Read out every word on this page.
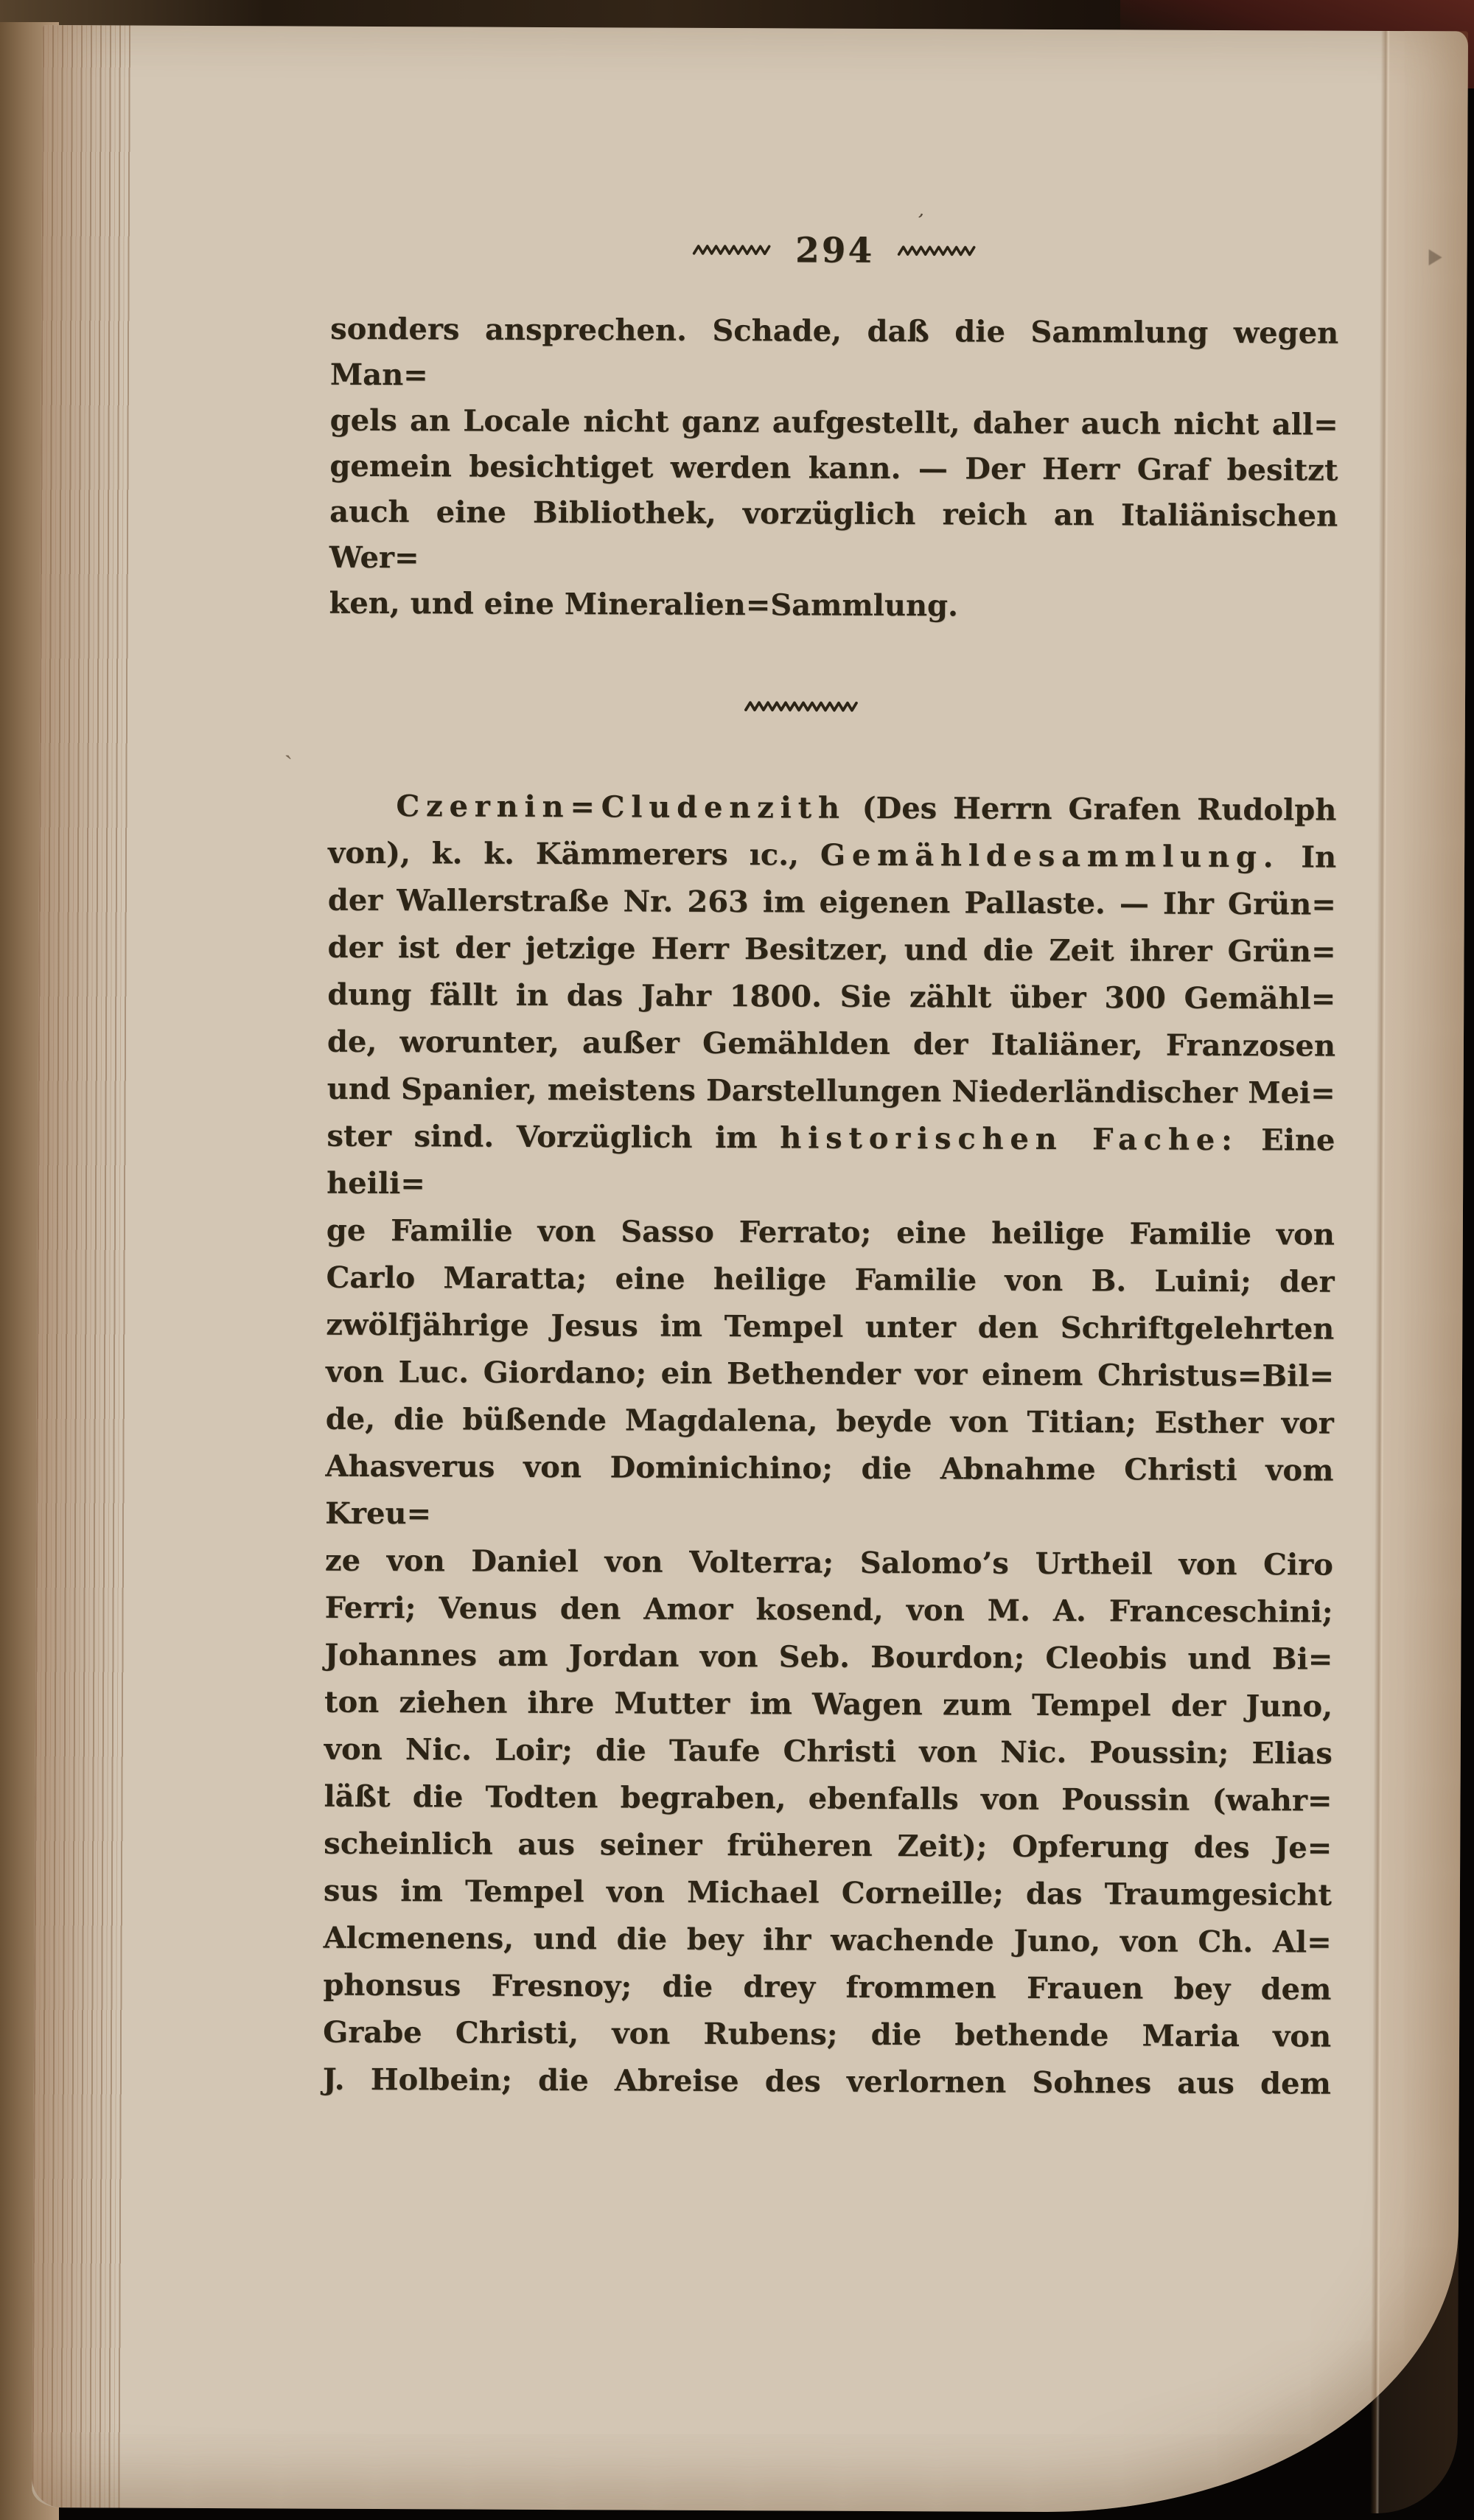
ˏ
294
ʼ
sonders ansprechen. Schade, daß die Sammlung wegen Man=
gels an Locale nicht ganz aufgestellt, daher auch nicht all=
gemein besichtiget werden kann. — Der Herr Graf besitzt
auch eine Bibliothek, vorzüglich reich an Italiänischen Wer=
ken, und eine Mineralien=Sammlung.
Czernin=Cludenzith (Des Herrn Grafen Rudolph
von), k. k. Kämmerers ıc., Gemähldesammlung. In
der Wallerstraße Nr. 263 im eigenen Pallaste. — Ihr Grün=
der ist der jetzige Herr Besitzer, und die Zeit ihrer Grün=
dung fällt in das Jahr 1800. Sie zählt über 300 Gemähl=
de, worunter, außer Gemählden der Italiäner, Franzosen
und Spanier, meistens Darstellungen Niederländischer Mei=
ster sind. Vorzüglich im historischen Fache: Eine heili=
ge Familie von Sasso Ferrato; eine heilige Familie von
Carlo Maratta; eine heilige Familie von B. Luini; der
zwölfjährige Jesus im Tempel unter den Schriftgelehrten
von Luc. Giordano; ein Bethender vor einem Christus=Bil=
de, die büßende Magdalena, beyde von Titian; Esther vor
Ahasverus von Dominichino; die Abnahme Christi vom Kreu=
ze von Daniel von Volterra; Salomo’s Urtheil von Ciro
Ferri; Venus den Amor kosend, von M. A. Franceschini;
Johannes am Jordan von Seb. Bourdon; Cleobis und Bi=
ton ziehen ihre Mutter im Wagen zum Tempel der Juno,
von Nic. Loir; die Taufe Christi von Nic. Poussin; Elias
läßt die Todten begraben, ebenfalls von Poussin (wahr=
scheinlich aus seiner früheren Zeit); Opferung des Je=
sus im Tempel von Michael Corneille; das Traumgesicht
Alcmenens, und die bey ihr wachende Juno, von Ch. Al=
phonsus Fresnoy; die drey frommen Frauen bey dem
Grabe Christi, von Rubens; die bethende Maria von
J. Holbein; die Abreise des verlornen Sohnes aus dem
